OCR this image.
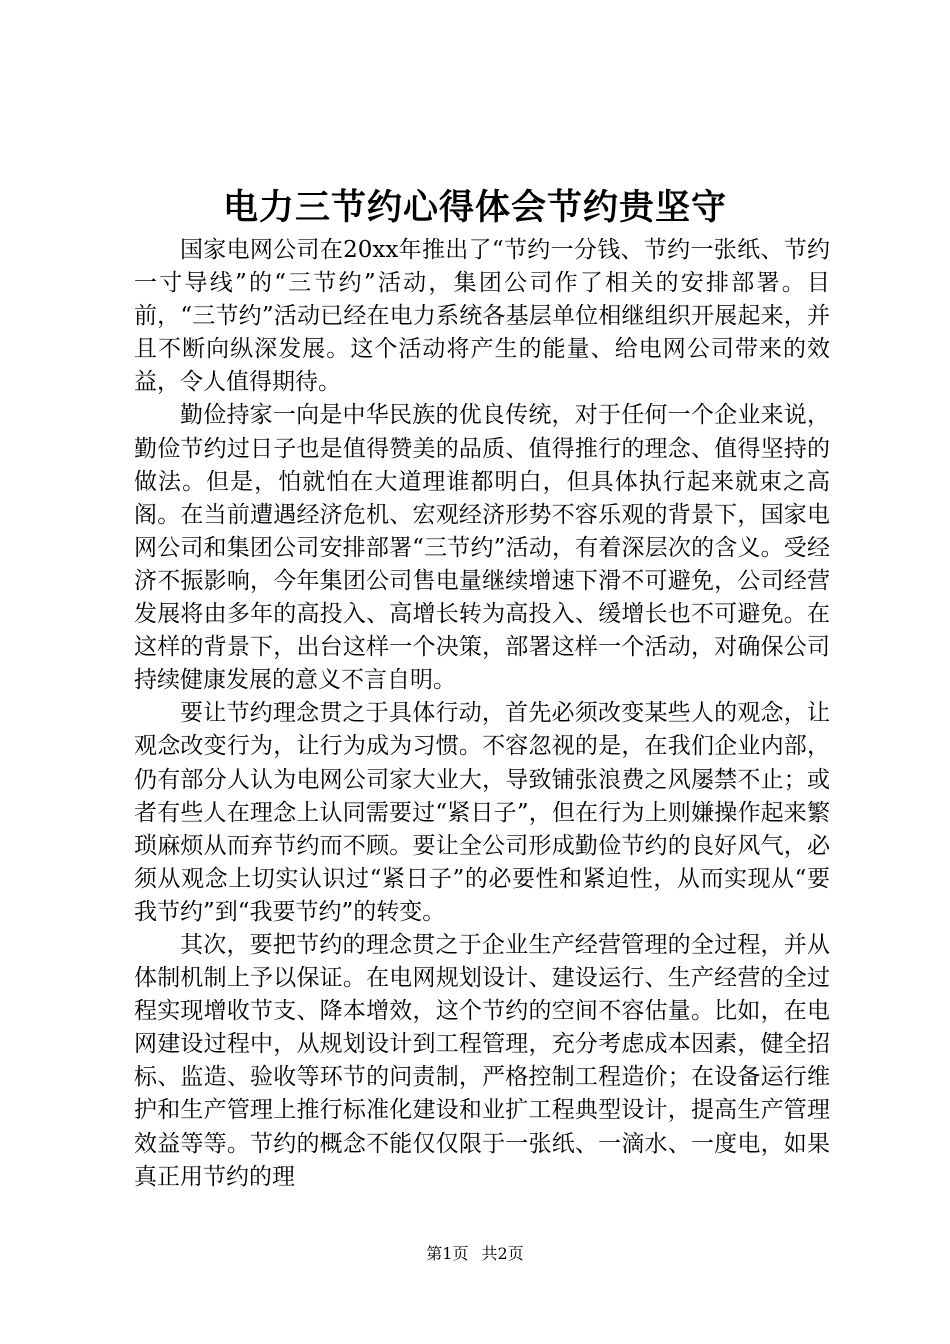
电力三节约心得体会节约贵坚守

国家电网公司在20xx年推出了“节约一分钱、节约一张纸、节约一寸导线”的“三节约”活动，集团公司作了相关的安排部署。目前，“三节约”活动已经在电力系统各基层单位相继组织开展起来，并且不断向纵深发展。这个活动将产生的能量、给电网公司带来的效益，令人值得期待。

勤俭持家一向是中华民族的优良传统，对于任何一个企业来说，勤俭节约过日子也是值得赞美的品质、值得推行的理念、值得坚持的做法。但是，怕就怕在大道理谁都明白，但具体执行起来就束之高阁。在当前遭遇经济危机、宏观经济形势不容乐观的背景下，国家电网公司和集团公司安排部署“三节约”活动，有着深层次的含义。受经济不振影响，今年集团公司售电量继续增速下滑不可避免，公司经营发展将由多年的高投入、高增长转为高投入、缓增长也不可避免。在这样的背景下，出台这样一个决策，部署这样一个活动，对确保公司持续健康发展的意义不言自明。

要让节约理念贯之于具体行动，首先必须改变某些人的观念，让观念改变行为，让行为成为习惯。不容忽视的是，在我们企业内部，仍有部分人认为电网公司家大业大，导致铺张浪费之风屡禁不止；或者有些人在理念上认同需要过“紧日子”，但在行为上则嫌操作起来繁琐麻烦从而弃节约而不顾。要让全公司形成勤俭节约的良好风气，必须从观念上切实认识过“紧日子”的必要性和紧迫性，从而实现从“要我节约”到“我要节约”的转变。

其次，要把节约的理念贯之于企业生产经营管理的全过程，并从体制机制上予以保证。在电网规划设计、建设运行、生产经营的全过程实现增收节支、降本增效，这个节约的空间不容估量。比如，在电网建设过程中，从规划设计到工程管理，充分考虑成本因素，健全招标、监造、验收等环节的问责制，严格控制工程造价；在设备运行维护和生产管理上推行标准化建设和业扩工程典型设计，提高生产管理效益等等。节约的概念不能仅仅限于一张纸、一滴水、一度电，如果真正用节约的理

第1页 共2页
